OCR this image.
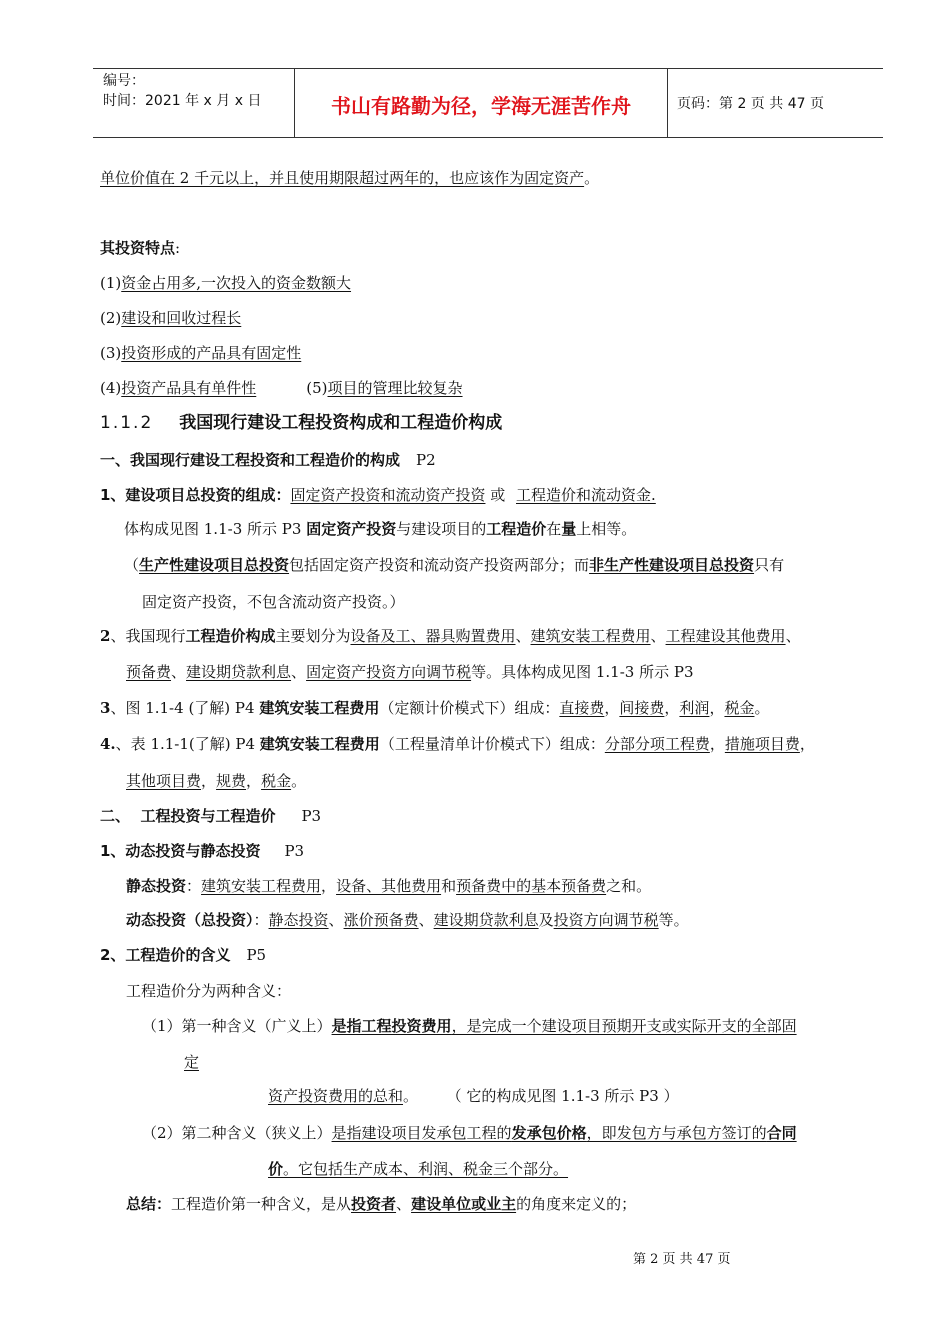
编号：
时间：2021 年 x 月 x 日	书山有路勤为径，学海无涯苦作舟	页码：第 2 页 共 47 页
单位价值在 2 千元以上，并且使用期限超过两年的，也应该作为固定资产。
其投资特点:
(1)资金占用多,一次投入的资金数额大
(2)建设和回收过程长
(3)投资形成的产品具有固定性
(4)投资产品具有单件性	(5)项目的管理比较复杂
1.1.2 我国现行建设工程投资构成和工程造价构成
一、我国现行建设工程投资和工程造价的构成 P2
1、建设项目总投资的组成：固定资产投资和流动资产投资 或 工程造价和流动资金.
体构成见图 1.1-3 所示 P3 固定资产投资与建设项目的工程造价在量上相等。
（生产性建设项目总投资包括固定资产投资和流动资产投资两部分；而非生产性建设项目总投资只有
固定资产投资，不包含流动资产投资。）
2、我国现行工程造价构成主要划分为设备及工、器具购置费用、建筑安装工程费用、工程建设其他费用、
预备费、建设期贷款利息、固定资产投资方向调节税等。具体构成见图 1.1-3 所示 P3
3、图 1.1-4 (了解) P4 建筑安装工程费用（定额计价模式下）组成：直接费，间接费，利润，税金。
4.、表 1.1-1(了解) P4 建筑安装工程费用（工程量清单计价模式下）组成：分部分项工程费，措施项目费，
其他项目费，规费，税金。
二、  工程投资与工程造价 P3
1、动态投资与静态投资 P3
静态投资：建筑安装工程费用，设备、其他费用和预备费中的基本预备费之和。
动态投资（总投资）：静态投资、涨价预备费、建设期贷款利息及投资方向调节税等。
2、工程造价的含义 P5
工程造价分为两种含义：
（1）第一种含义（广义上）是指工程投资费用，是完成一个建设项目预期开支或实际开支的全部固
定
资产投资费用的总和。      （ 它的构成见图 1.1-3 所示 P3 ）
（2）第二种含义（狭义上）是指建设项目发承包工程的发承包价格，即发包方与承包方签订的合同
价。它包括生产成本、利润、税金三个部分。
总结：工程造价第一种含义，是从投资者、建设单位或业主的角度来定义的；
第 2 页 共 47 页
